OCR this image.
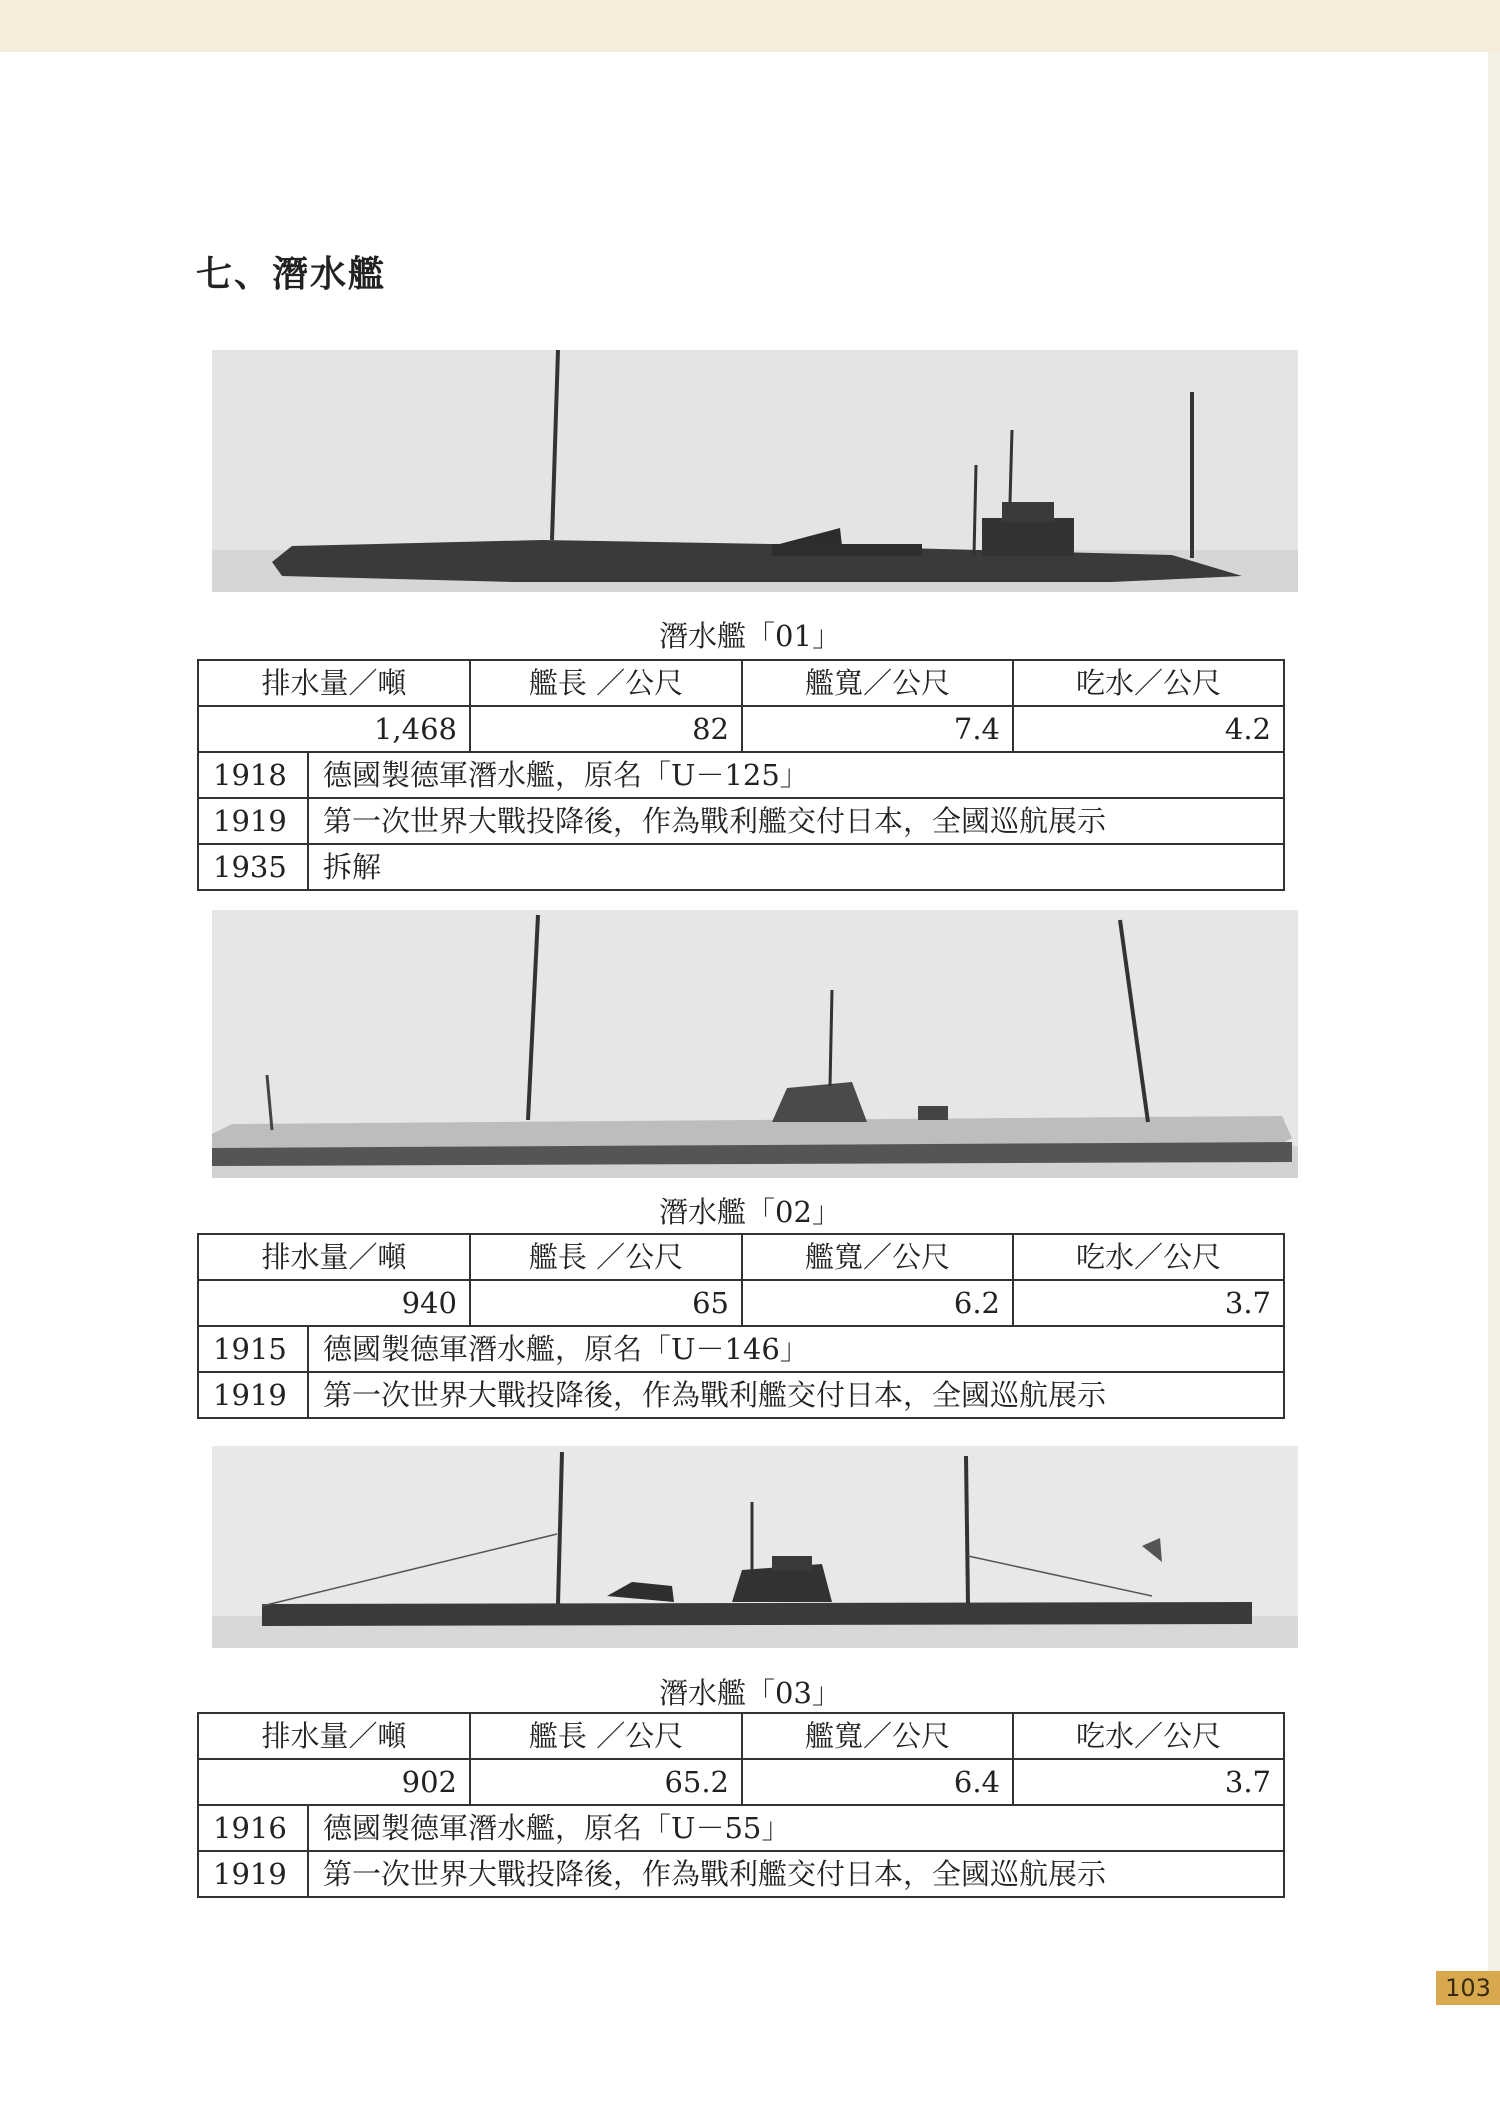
七、潛水艦
潛水艦「01」
排水量／噸		艦長 ／公尺	艦寬／公尺	吃水／公尺
1,468		82	7.4	4.2
1918	德國製德軍潛水艦，原名「U－125」			
1919	第一次世界大戰投降後，作為戰利艦交付日本，全國巡航展示			
1935	拆解			
潛水艦「02」
排水量／噸		艦長 ／公尺	艦寬／公尺	吃水／公尺
940		65	6.2	3.7
1915	德國製德軍潛水艦，原名「U－146」			
1919	第一次世界大戰投降後，作為戰利艦交付日本，全國巡航展示			
潛水艦「03」
排水量／噸		艦長 ／公尺	艦寬／公尺	吃水／公尺
902		65.2	6.4	3.7
1916	德國製德軍潛水艦，原名「U－55」			
1919	第一次世界大戰投降後，作為戰利艦交付日本，全國巡航展示			
103
